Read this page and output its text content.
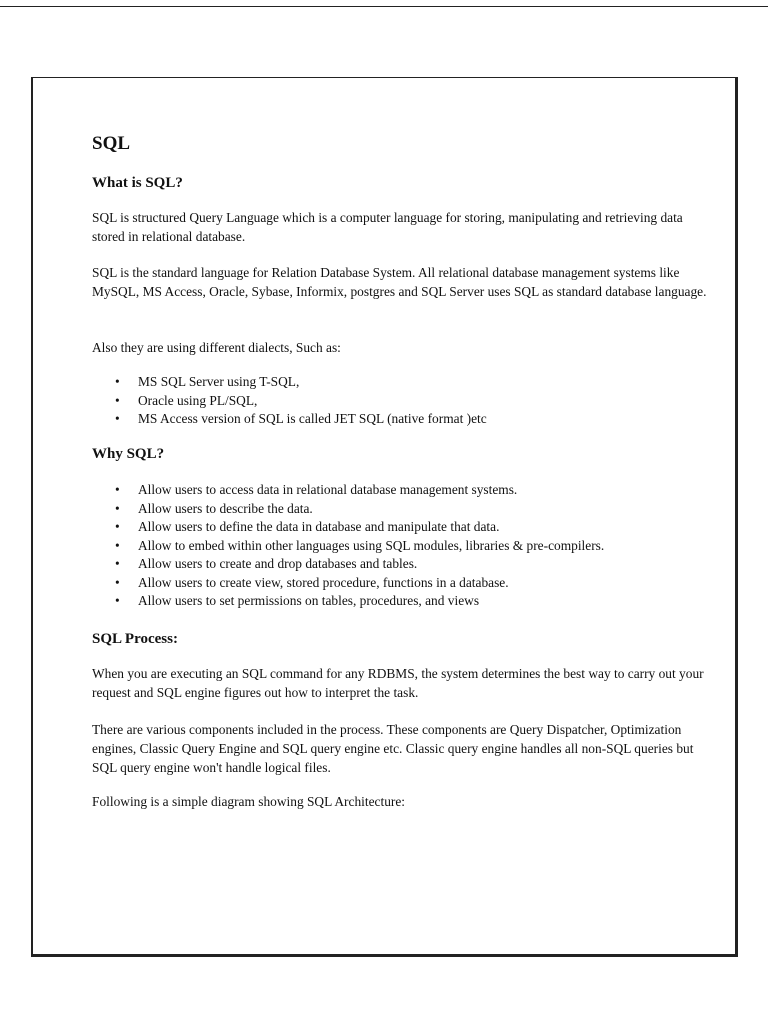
SQL
What is SQL?

SQL is structured Query Language which is a computer language for storing, manipulating and retrieving data stored in relational database.

SQL is the standard language for Relation Database System. All relational database management systems like MySQL, MS Access, Oracle, Sybase, Informix, postgres and SQL Server uses SQL as standard database language.

Also they are using different dialects, Such as:

• MS SQL Server using T-SQL,
• Oracle using PL/SQL,
• MS Access version of SQL is called JET SQL (native format )etc
Why SQL?
• Allow users to access data in relational database management systems.
• Allow users to describe the data.
• Allow users to define the data in database and manipulate that data.
• Allow to embed within other languages using SQL modules, libraries & pre-compilers.
• Allow users to create and drop databases and tables.
• Allow users to create view, stored procedure, functions in a database.
• Allow users to set permissions on tables, procedures, and views
SQL Process:

When you are executing an SQL command for any RDBMS, the system determines the best way to carry out your request and SQL engine figures out how to interpret the task.

There are various components included in the process. These components are Query Dispatcher, Optimization engines, Classic Query Engine and SQL query engine etc. Classic query engine handles all non-SQL queries but SQL query engine won't handle logical files.

Following is a simple diagram showing SQL Architecture:
